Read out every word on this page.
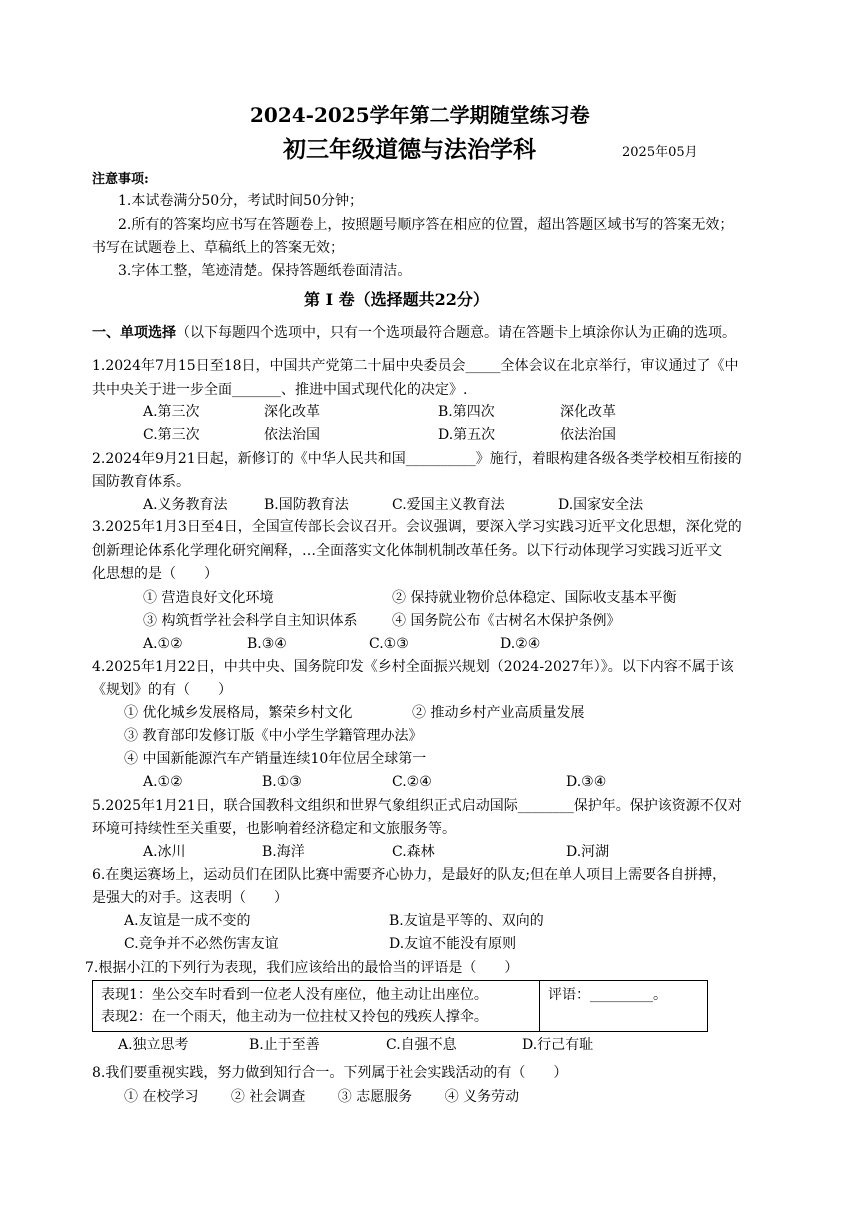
2024-2025学年第二学期随堂练习卷
初三年级道德与法治学科	2025年05月
注意事项:
1.本试卷满分50分，考试时间50分钟；
2.所有的答案均应书写在答题卷上，按照题号顺序答在相应的位置，超出答题区域书写的答案无效；
书写在试题卷上、草稿纸上的答案无效；
3.字体工整，笔迹清楚。保持答题纸卷面清洁。
第 Ⅰ 卷（选择题共22分）
一、单项选择（以下每题四个选项中，只有一个选项最符合题意。请在答题卡上填涂你认为正确的选项。
1.2024年7月15日至18日，中国共产党第二十届中央委员会_____全体会议在北京举行，审议通过了《中
共中央关于进一步全面_______、推进中国式现代化的决定》.
A.第三次	深化改革	B.第四次	深化改革
C.第三次	依法治国	D.第五次	依法治国
2.2024年9月21日起，新修订的《中华人民共和国__________》施行，着眼构建各级各类学校相互衔接的
国防教育体系。
A.义务教育法	B.国防教育法	C.爱国主义教育法	D.国家安全法
3.2025年1月3日至4日，全国宣传部长会议召开。会议强调，要深入学习实践习近平文化思想，深化党的
创新理论体系化学理化研究阐释，…全面落实文化体制机制改革任务。以下行动体现学习实践习近平文
化思想的是（　　）
① 营造良好文化环境	② 保持就业物价总体稳定、国际收支基本平衡
③ 构筑哲学社会科学自主知识体系 ④ 国务院公布《古树名木保护条例》
A.①②	B.③④	C.①③	D.②④
4.2025年1月22日，中共中央、国务院印发《乡村全面振兴规划（2024-2027年）》。以下内容不属于该
《规划》的有（　　）
① 优化城乡发展格局，繁荣乡村文化	② 推动乡村产业高质量发展
③ 教育部印发修订版《中小学生学籍管理办法》
④ 中国新能源汽车产销量连续10年位居全球第一
A.①②	B.①③	C.②④	D.③④
5.2025年1月21日，联合国教科文组织和世界气象组织正式启动国际________保护年。保护该资源不仅对
环境可持续性至关重要，也影响着经济稳定和文旅服务等。
A.冰川	B.海洋	C.森林	D.河湖
6.在奥运赛场上，运动员们在团队比赛中需要齐心协力，是最好的队友;但在单人项目上需要各自拼搏，
是强大的对手。这表明（　　）
A.友谊是一成不变的	B.友谊是平等的、双向的
C.竞争并不必然伤害友谊	D.友谊不能没有原则
7.根据小江的下列行为表现，我们应该给出的最恰当的评语是（　　）
表现1：坐公交车时看到一位老人没有座位，他主动让出座位。
表现2：在一个雨天，他主动为一位拄杖又拎包的残疾人撑伞。

评语：_________。
A.独立思考	B.止于至善	C.自强不息	D.行己有耻
8.我们要重视实践，努力做到知行合一。下列属于社会实践活动的有（　　）
① 在校学习　　 ② 社会调查　　 ③ 志愿服务　　 ④ 义务劳动
